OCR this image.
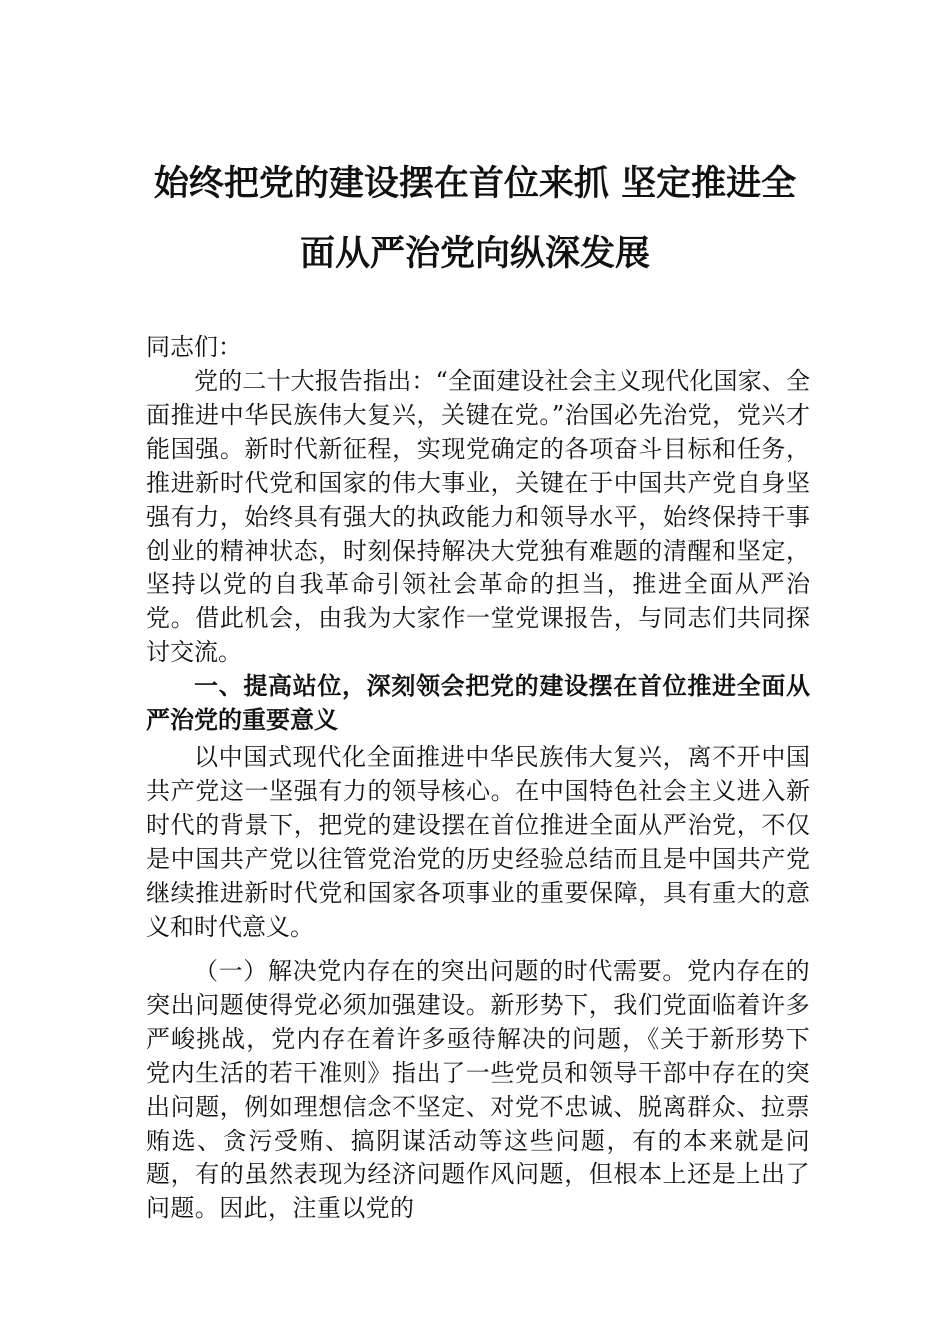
始终把党的建设摆在首位来抓 坚定推进全
面从严治党向纵深发展
同志们：
党的二十大报告指出：“全面建设社会主义现代化国家、全面推进中华民族伟大复兴，关键在党。”治国必先治党，党兴才能国强。新时代新征程，实现党确定的各项奋斗目标和任务，推进新时代党和国家的伟大事业，关键在于中国共产党自身坚强有力，始终具有强大的执政能力和领导水平，始终保持干事创业的精神状态，时刻保持解决大党独有难题的清醒和坚定，坚持以党的自我革命引领社会革命的担当，推进全面从严治党。借此机会，由我为大家作一堂党课报告，与同志们共同探讨交流。
一、提高站位，深刻领会把党的建设摆在首位推进全面从严治党的重要意义
以中国式现代化全面推进中华民族伟大复兴，离不开中国共产党这一坚强有力的领导核心。在中国特色社会主义进入新时代的背景下，把党的建设摆在首位推进全面从严治党，不仅是中国共产党以往管党治党的历史经验总结而且是中国共产党继续推进新时代党和国家各项事业的重要保障，具有重大的意义和时代意义。
（一）解决党内存在的突出问题的时代需要。党内存在的突出问题使得党必须加强建设。新形势下，我们党面临着许多严峻挑战，党内存在着许多亟待解决的问题，《关于新形势下党内生活的若干准则》指出了一些党员和领导干部中存在的突出问题，例如理想信念不坚定、对党不忠诚、脱离群众、拉票贿选、贪污受贿、搞阴谋活动等这些问题，有的本来就是问题，有的虽然表现为经济问题作风问题，但根本上还是上出了问题。因此，注重以党的
